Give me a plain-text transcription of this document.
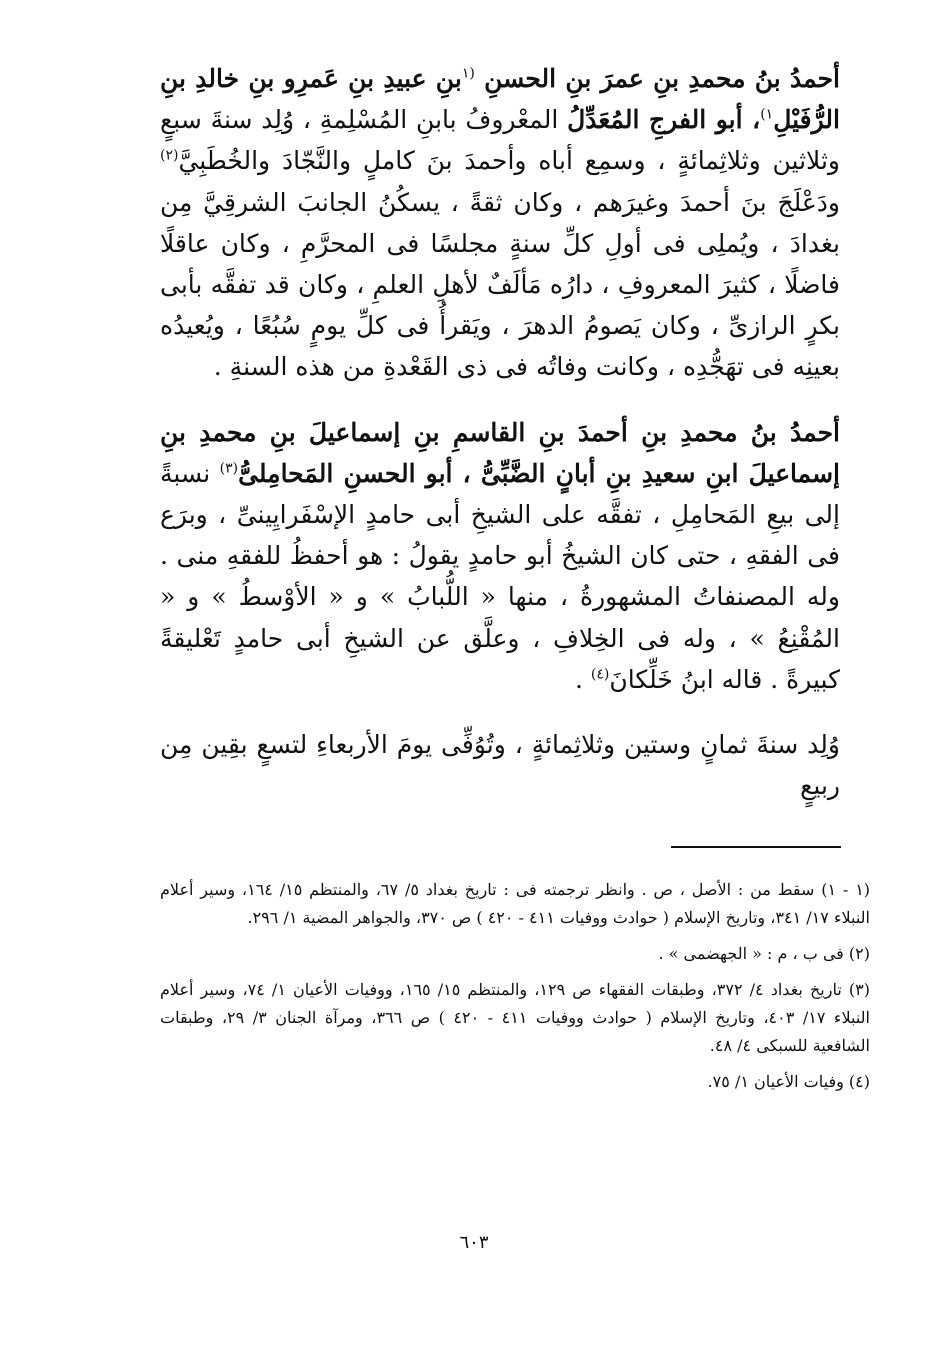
أحمدُ بنُ محمدِ بنِ عمرَ بنِ الحسنِ $^{(١}$بنِ عبيدِ بنِ عَمرِو بنِ خالدِ بنِ الرُّفَيْلِ$^{١)}$، أبو الفرجِ المُعَدِّلُ المعْروفُ بابنِ المُسْلِمةِ ، وُلِد سنةَ سبعٍ وثلاثين وثلاثِمائةٍ ، وسمِع أباه وأحمدَ بنَ كاملٍ والنَّجّادَ والخُطَبِيَّ$^{(٢)}$ ودَعْلَجَ بنَ أحمدَ وغيرَهم ، وكان ثقةً ، يسكُنُ الجانبَ الشرقِيَّ مِن بغدادَ ، ويُملِى فى أولِ كلِّ سنةٍ مجلسًا فى المحرَّمِ ، وكان عاقلًا فاضلًا ، كثيرَ المعروفِ ، دارُه مَألَفٌ لأهلِ العلمِ ، وكان قد تفقَّه بأبى بكرٍ الرازىِّ ، وكان يَصومُ الدهرَ ، ويَقرأُ فى كلِّ يومٍ سُبُعًا ، ويُعيدُه بعينِه فى تهَجُّدِه ، وكانت وفاتُه فى ذى القَعْدةِ من هذه السنةِ .

أحمدُ بنُ محمدِ بنِ أحمدَ بنِ القاسمِ بنِ إسماعيلَ بنِ محمدِ بنِ إسماعيلَ ابنِ سعيدِ بنِ أبانٍ الضَّبِّىُّ ، أبو الحسنِ المَحامِلىُّ$^{(٣)}$ نسبةً إلى بيعِ المَحامِلِ ، تفقَّه على الشيخِ أبى حامدٍ الإسْفَرايِينىِّ ، وبرَع فى الفقهِ ، حتى كان الشيخُ أبو حامدٍ يقولُ : هو أحفظُ للفقهِ منى . وله المصنفاتُ المشهورةُ ، منها « اللُّبابُ » و « الأوْسطُ » و « المُقْنِعُ » ، وله فى الخِلافِ ، وعلَّق عن الشيخِ أبى حامدٍ تَعْليقةً كبيرةً . قاله ابنُ خَلِّكانَ$^{(٤)}$ .

وُلِد سنةَ ثمانٍ وستين وثلاثِمائةٍ ، وتُوُفِّى يومَ الأربعاءِ لتسعٍ بقِين مِن ربيعٍ

(١ - ١) سقط من : الأصل ، ص . وانظر ترجمته فى : تاريخ بغداد ٥/ ٦٧، والمنتظم ١٥/ ١٦٤، وسير أعلام النبلاء ١٧/ ٣٤١، وتاريخ الإسلام ( حوادث ووفيات ٤١١ - ٤٢٠ ) ص ٣٧٠، والجواهر المضية ١/ ٢٩٦.

(٢) فى ب ، م : « الجهضمى » .

(٣) تاريخ بغداد ٤/ ٣٧٢، وطبقات الفقهاء ص ١٢٩، والمنتظم ١٥/ ١٦٥، ووفيات الأعيان ١/ ٧٤، وسير أعلام النبلاء ١٧/ ٤٠٣، وتاريخ الإسلام ( حوادث ووفيات ٤١١ - ٤٢٠ ) ص ٣٦٦، ومرآة الجنان ٣/ ٢٩، وطبقات الشافعية للسبكى ٤/ ٤٨.

(٤) وفيات الأعيان ١/ ٧٥.

٦٠٣
